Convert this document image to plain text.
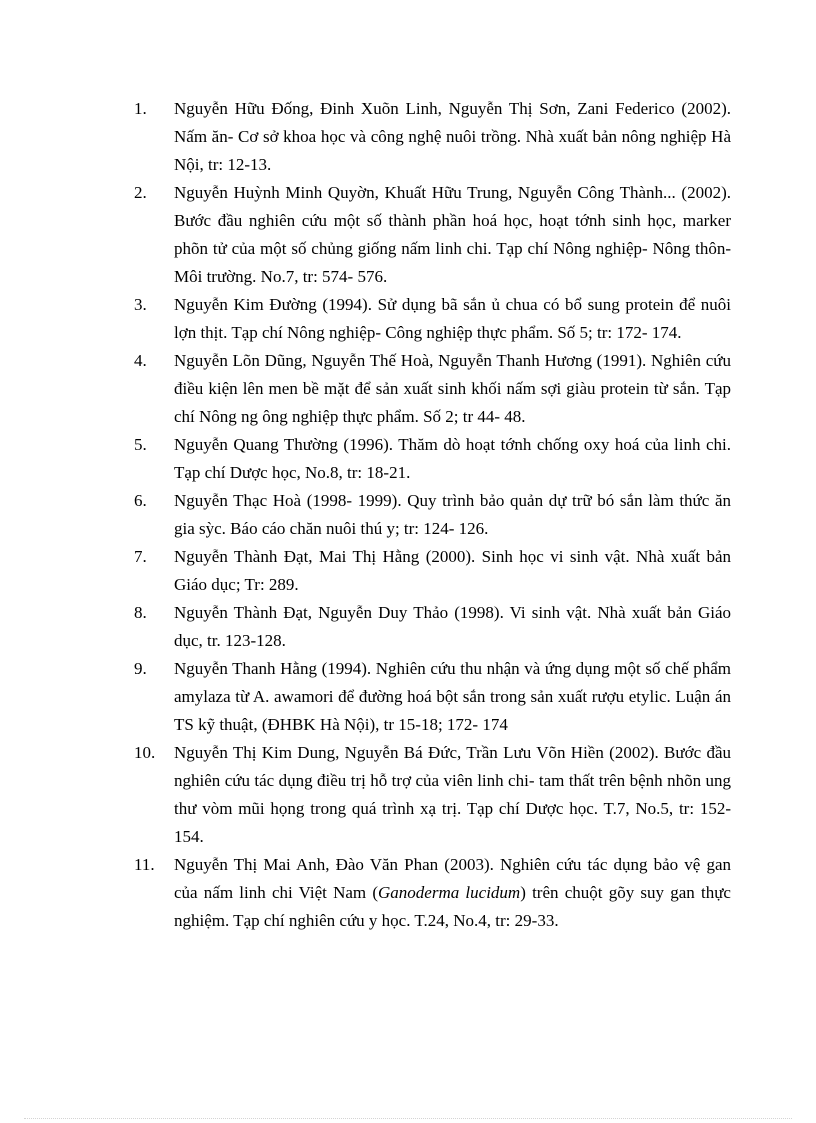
1.	Nguyễn Hữu Đống, Đinh Xuõn Linh, Nguyễn Thị Sơn, Zani Federico (2002). Nấm ăn- Cơ sở khoa học và công nghệ nuôi trồng. Nhà xuất bản nông nghiệp Hà Nội, tr: 12-13.
2.	Nguyễn Huỳnh Minh Quyờn, Khuất Hữu Trung, Nguyễn Công Thành... (2002). Bước đầu nghiên cứu một số thành phần hoá học, hoạt tớnh sinh học, marker phõn tử của một số chủng giống nấm linh chi. Tạp chí Nông nghiệp- Nông thôn- Môi trường. No.7, tr: 574- 576.
3.	Nguyễn Kim Đường (1994). Sử dụng bã sắn ủ chua có bổ sung protein để nuôi lợn thịt. Tạp chí Nông nghiệp- Công nghiệp thực phẩm. Số 5; tr: 172- 174.
4.	Nguyễn Lõn Dũng, Nguyễn Thế Hoà, Nguyễn Thanh Hương (1991). Nghiên cứu điều kiện lên men bề mặt để sản xuất sinh khối nấm sợi giàu protein từ sắn. Tạp chí Nông ng ông nghiệp thực phẩm. Số 2; tr 44- 48.
5.	Nguyễn Quang Thường (1996). Thăm dò hoạt tớnh chống oxy hoá của linh chi. Tạp chí Dược học, No.8, tr: 18-21.
6.	Nguyễn Thạc Hoà (1998- 1999). Quy trình bảo quản dự trữ bó sắn làm thức ăn gia sỳc. Báo cáo chăn nuôi thú y; tr: 124- 126.
7.	Nguyễn Thành Đạt, Mai Thị Hằng (2000). Sinh học vi sinh vật. Nhà xuất bản Giáo dục; Tr: 289.
8.	Nguyễn Thành Đạt, Nguyễn Duy Thảo (1998). Vi sinh vật. Nhà xuất bản Giáo dục, tr. 123-128.
9.	Nguyễn Thanh Hằng (1994). Nghiên cứu thu nhận và ứng dụng một số chế phẩm amylaza từ A. awamori để đường hoá bột sắn trong sản xuất rượu etylic. Luận án TS kỹ thuật, (ĐHBK Hà Nội), tr 15-18; 172- 174
10.	Nguyễn Thị Kim Dung, Nguyễn Bá Đức, Trần Lưu Võn Hiền (2002). Bước đầu nghiên cứu tác dụng điều trị hỗ trợ của viên linh chi- tam thất trên bệnh nhõn ung thư vòm mũi họng trong quá trình xạ trị. Tạp chí Dược học. T.7, No.5, tr: 152- 154.
11.	Nguyễn Thị Mai Anh, Đào Văn Phan (2003). Nghiên cứu tác dụng bảo vệ gan của nấm linh chi Việt Nam (Ganoderma lucidum) trên chuột gõy suy gan thực nghiệm. Tạp chí nghiên cứu y học. T.24, No.4, tr: 29-33.
